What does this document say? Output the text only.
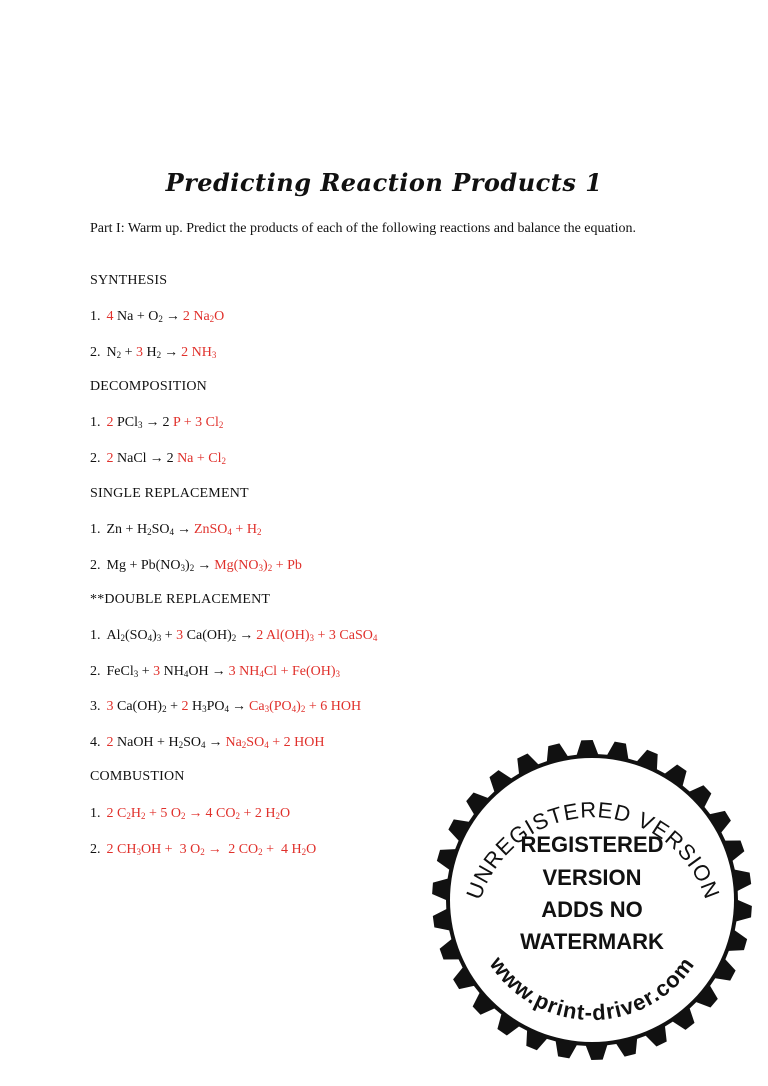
Predicting Reaction Products 1
Part I: Warm up. Predict the products of each of the following reactions and balance the equation.
SYNTHESIS
1. 4 $Na + O_2 \to 2$ $Na_2O$
2. $N_2 + 3$ $H_2 \to 2$ $NH_3$
DECOMPOSITION
1. 2 PCl$_3$ → 2 P + 3 $Cl_2$
2. 2 NaCl → 2 $Na + Cl_2$
SINGLE REPLACEMENT
1. $Zn + H_2SO_4$ → ZnSO$_4$ + $H_2$
2. $Mg + Pb(NO_3)_2 \to Mg(NO_3)_2 + Pb$
**DOUBLE REPLACEMENT
1. $Al_2(SO_4)_3 + 3$ $Ca(OH)_2 \to 2$ $Al(OH)_3 + 3$ CaSO$_4$
2. FeCl$_3$ + 3 $NH_4OH \to 3$ $NH_4Cl + Fe(OH)_3$
3. 3 $Ca(OH)_2 + 2$ $H_3PO_4 \to Ca_3(PO_4)_2 + 6$ HOH
4. 2 NaOH + $H_2SO_4 \to Na_2SO_4 + 2$ HOH
COMBUSTION
1. 2 $C_2H_2 + 5$ $O_2 \to 4$ $CO_2 + 2$ $H_2O$
2. 2 $CH_3OH + 3$ $O_2 \to 2$ $CO_2 + 4$ $H_2O$
UNREGISTERED VERSION
www.print-driver.com
REGISTERED
VERSION
ADDS NO
WATERMARK
